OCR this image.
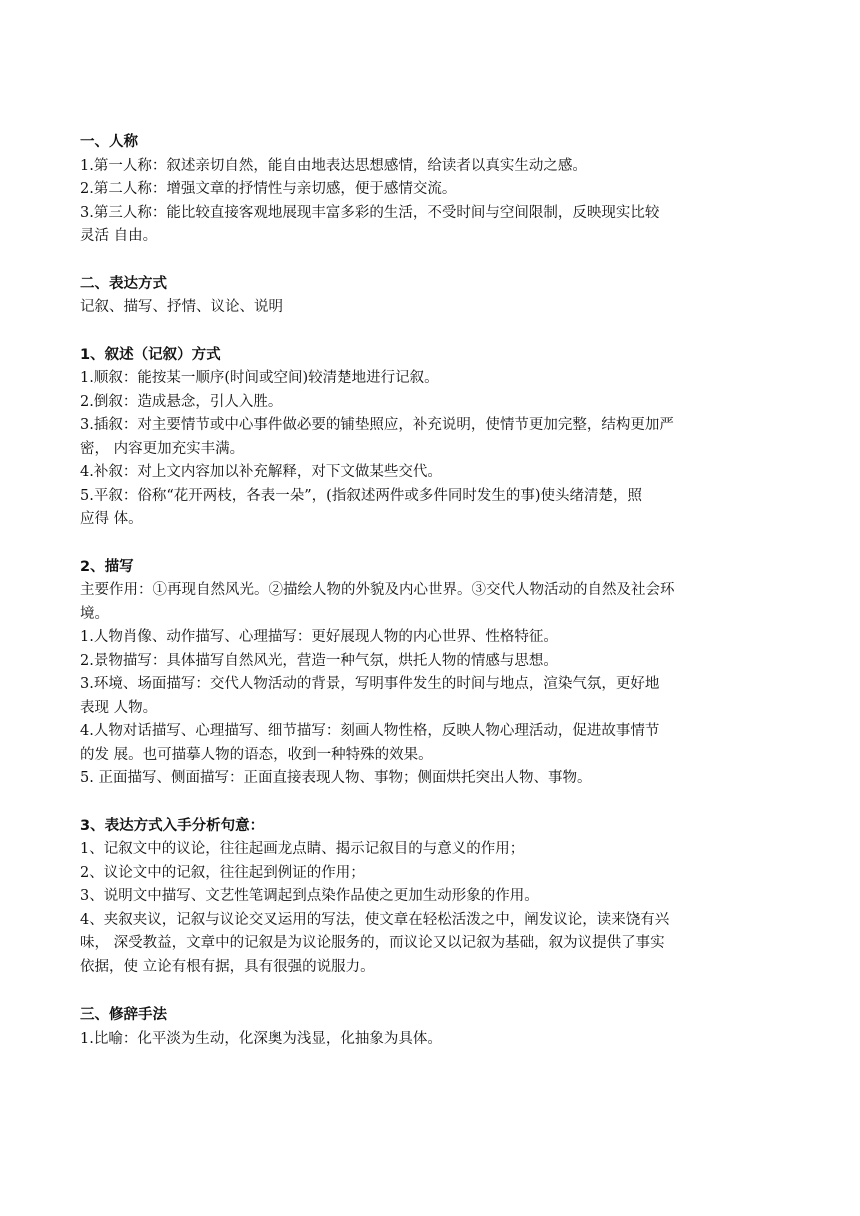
一、人称
1.第一人称：叙述亲切自然，能自由地表达思想感情，给读者以真实生动之感。
2.第二人称：增强文章的抒情性与亲切感，便于感情交流。
3.第三人称：能比较直接客观地展现丰富多彩的生活，不受时间与空间限制，反映现实比较
灵活 自由。
二、表达方式
记叙、描写、抒情、议论、说明
1、叙述（记叙）方式
1.顺叙：能按某一顺序(时间或空间)较清楚地进行记叙。
2.倒叙：造成悬念，引人入胜。
3.插叙：对主要情节或中心事件做必要的铺垫照应，补充说明，使情节更加完整，结构更加严
密， 内容更加充实丰满。
4.补叙：对上文内容加以补充解释，对下文做某些交代。
5.平叙：俗称“花开两枝，各表一朵”，(指叙述两件或多件同时发生的事)使头绪清楚，照
应得 体。
2、描写
主要作用：①再现自然风光。②描绘人物的外貌及内心世界。③交代人物活动的自然及社会环
境。
1.人物肖像、动作描写、心理描写：更好展现人物的内心世界、性格特征。
2.景物描写：具体描写自然风光，营造一种气氛，烘托人物的情感与思想。
3.环境、场面描写：交代人物活动的背景，写明事件发生的时间与地点，渲染气氛，更好地
表现 人物。
4.人物对话描写、心理描写、细节描写：刻画人物性格，反映人物心理活动，促进故事情节
的发 展。也可描摹人物的语态，收到一种特殊的效果。
5. 正面描写、侧面描写：正面直接表现人物、事物；侧面烘托突出人物、事物。
3、表达方式入手分析句意：
1、记叙文中的议论，往往起画龙点睛、揭示记叙目的与意义的作用；
2、议论文中的记叙，往往起到例证的作用；
3、说明文中描写、文艺性笔调起到点染作品使之更加生动形象的作用。
4、夹叙夹议，记叙与议论交叉运用的写法，使文章在轻松活泼之中，阐发议论，读来饶有兴
味， 深受教益，文章中的记叙是为议论服务的，而议论又以记叙为基础，叙为议提供了事实
依据，使 立论有根有据，具有很强的说服力。
三、修辞手法
1.比喻：化平淡为生动，化深奥为浅显，化抽象为具体。
